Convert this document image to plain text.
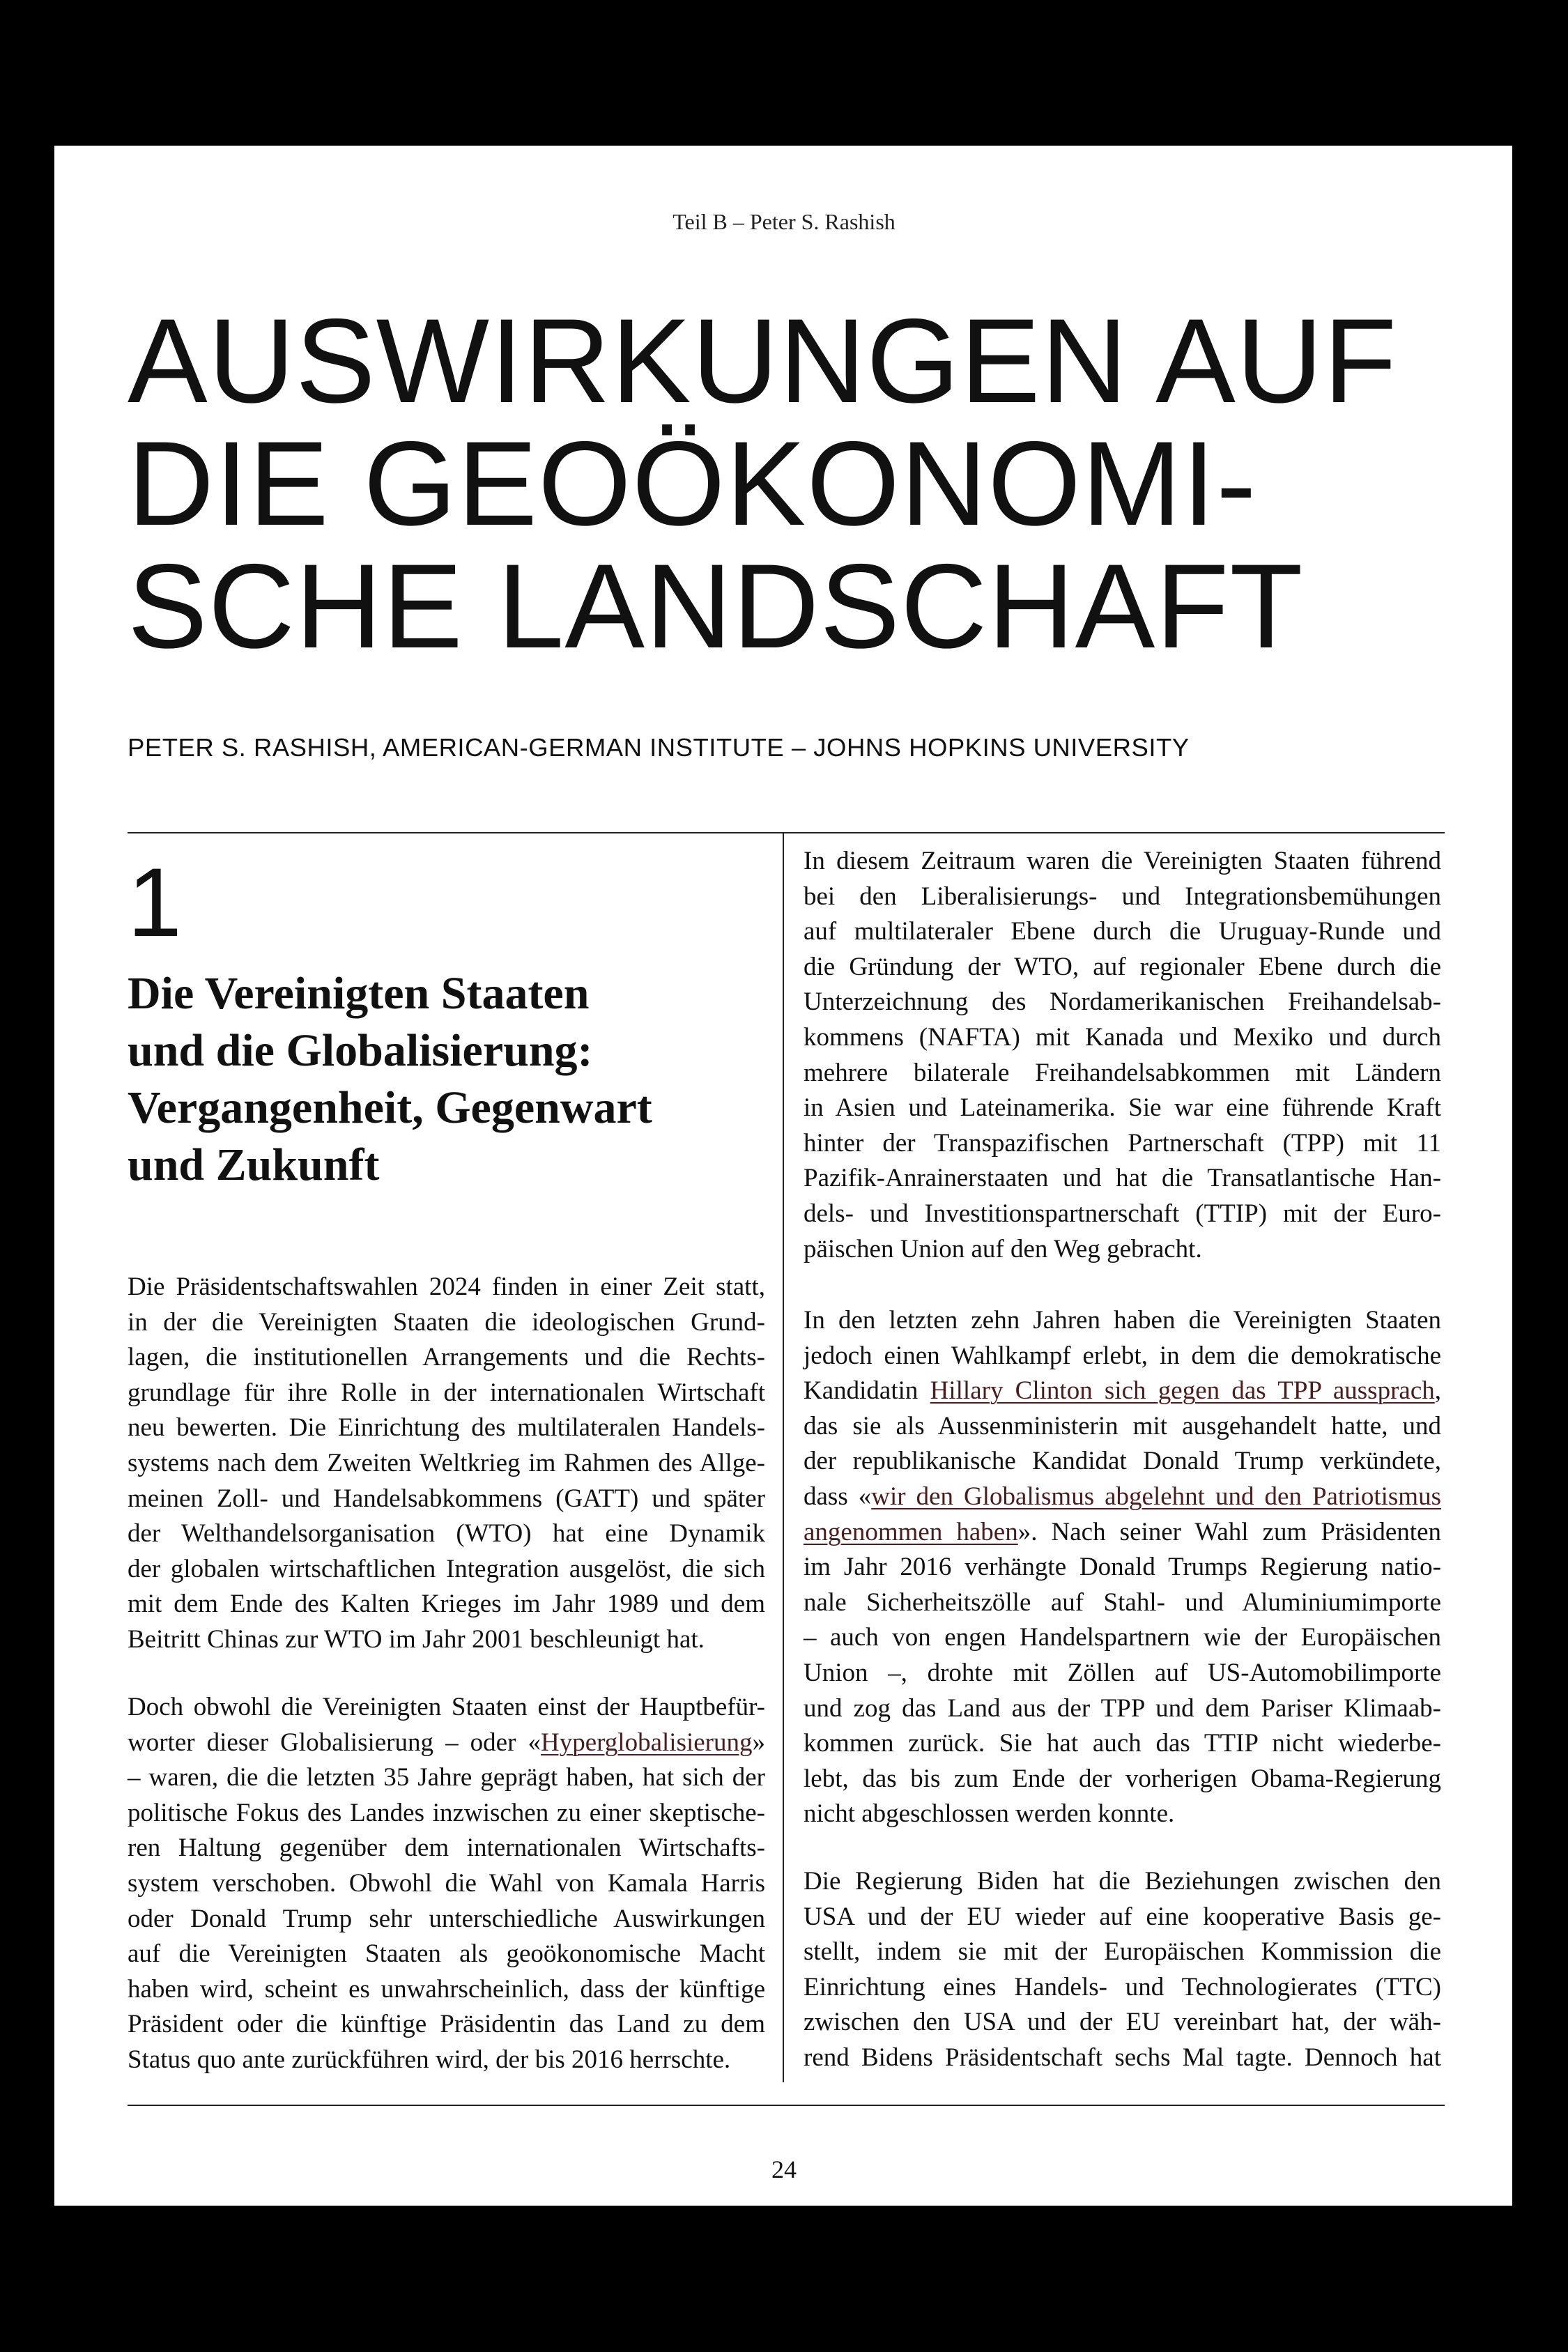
Teil B – Peter S. Rashish
AUSWIRKUNGEN AUF
DIE GEOÖKONOMI-
SCHE LANDSCHAFT
PETER S. RASHISH, AMERICAN-GERMAN INSTITUTE – JOHNS HOPKINS UNIVERSITY
1
Die Vereinigten Staaten
und die Globalisierung:
Vergangenheit, Gegenwart
und Zukunft
Die Präsidentschaftswahlen 2024 finden in einer Zeit statt,
in der die Vereinigten Staaten die ideologischen Grund-
lagen, die institutionellen Arrangements und die Rechts-
grundlage für ihre Rolle in der internationalen Wirtschaft
neu bewerten. Die Einrichtung des multilateralen Handels-
systems nach dem Zweiten Weltkrieg im Rahmen des Allge-
meinen Zoll- und Handelsabkommens (GATT) und später
der Welthandelsorganisation (WTO) hat eine Dynamik
der globalen wirtschaftlichen Integration ausgelöst, die sich
mit dem Ende des Kalten Krieges im Jahr 1989 und dem
Beitritt Chinas zur WTO im Jahr 2001 beschleunigt hat.
Doch obwohl die Vereinigten Staaten einst der Hauptbefür-
worter dieser Globalisierung – oder «Hyperglobalisierung»
– waren, die die letzten 35 Jahre geprägt haben, hat sich der
politische Fokus des Landes inzwischen zu einer skeptische-
ren Haltung gegenüber dem internationalen Wirtschafts-
system verschoben. Obwohl die Wahl von Kamala Harris
oder Donald Trump sehr unterschiedliche Auswirkungen
auf die Vereinigten Staaten als geoökonomische Macht
haben wird, scheint es unwahrscheinlich, dass der künftige
Präsident oder die künftige Präsidentin das Land zu dem
Status quo ante zurückführen wird, der bis 2016 herrschte.
In diesem Zeitraum waren die Vereinigten Staaten führend
bei den Liberalisierungs- und Integrationsbemühungen
auf multilateraler Ebene durch die Uruguay-Runde und
die Gründung der WTO, auf regionaler Ebene durch die
Unterzeichnung des Nordamerikanischen Freihandelsab-
kommens (NAFTA) mit Kanada und Mexiko und durch
mehrere bilaterale Freihandelsabkommen mit Ländern
in Asien und Lateinamerika. Sie war eine führende Kraft
hinter der Transpazifischen Partnerschaft (TPP) mit 11
Pazifik-Anrainerstaaten und hat die Transatlantische Han-
dels- und Investitionspartnerschaft (TTIP) mit der Euro-
päischen Union auf den Weg gebracht.
In den letzten zehn Jahren haben die Vereinigten Staaten
jedoch einen Wahlkampf erlebt, in dem die demokratische
Kandidatin Hillary Clinton sich gegen das TPP aussprach,
das sie als Aussenministerin mit ausgehandelt hatte, und
der republikanische Kandidat Donald Trump verkündete,
dass «wir den Globalismus abgelehnt und den Patriotismus
angenommen haben». Nach seiner Wahl zum Präsidenten
im Jahr 2016 verhängte Donald Trumps Regierung natio-
nale Sicherheitszölle auf Stahl- und Aluminiumimporte
– auch von engen Handelspartnern wie der Europäischen
Union –, drohte mit Zöllen auf US-Automobilimporte
und zog das Land aus der TPP und dem Pariser Klimaab-
kommen zurück. Sie hat auch das TTIP nicht wiederbe-
lebt, das bis zum Ende der vorherigen Obama-Regierung
nicht abgeschlossen werden konnte.
Die Regierung Biden hat die Beziehungen zwischen den
USA und der EU wieder auf eine kooperative Basis ge-
stellt, indem sie mit der Europäischen Kommission die
Einrichtung eines Handels- und Technologierates (TTC)
zwischen den USA und der EU vereinbart hat, der wäh-
rend Bidens Präsidentschaft sechs Mal tagte. Dennoch hat
24
